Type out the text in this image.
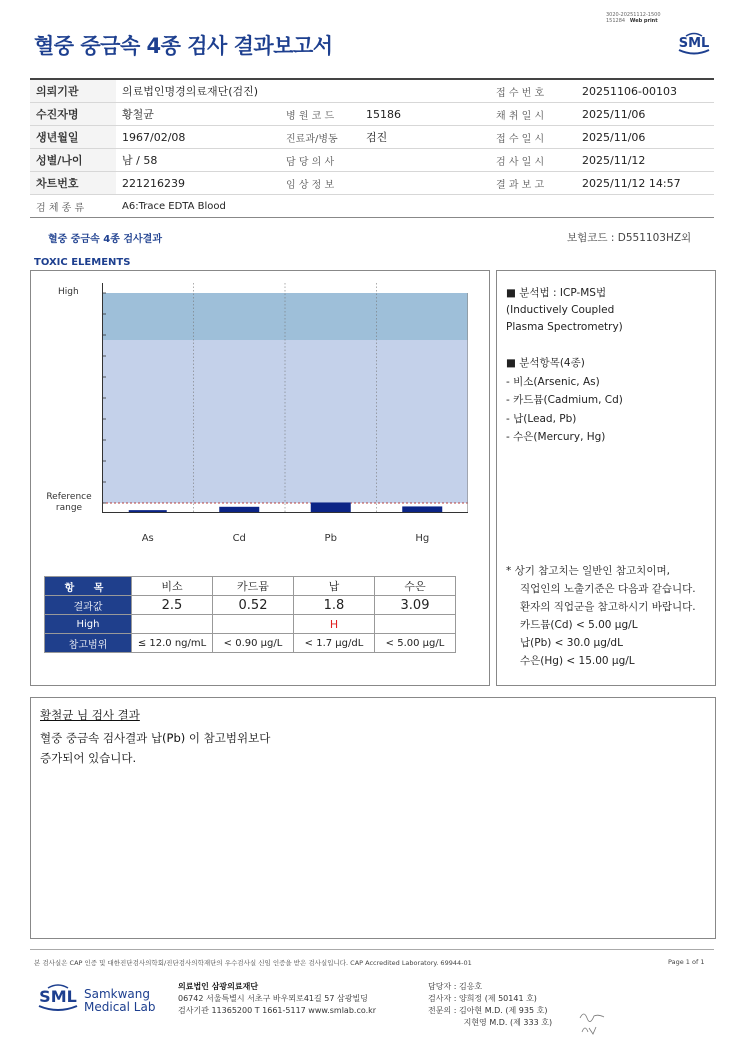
혈중 중금속 4종 검사 결과보고서
3020-20251112-1500
151284 Web print
SML
의뢰기관	의료법인명경의료재단(검진)			접 수 번 호	20251106-00103
수진자명	황철균	병 원 코 드	15186	채 취 일 시	2025/11/06
생년월일	1967/02/08	진료과/병동	검진	접 수 일 시	2025/11/06
성별/나이	남 / 58	담 당 의 사		검 사 일 시	2025/11/12
차트번호	221216239	임 상 정 보		결 과 보 고	2025/11/12 14:57
검 체 종 류	A6:Trace EDTA Blood				
혈중 중금속 4종 검사결과	보험코드 : D551103HZ외
TOXIC ELEMENTS
High
Reference
range
항 목	비소	카드뮴	납	수은
결과값	2.5	0.52	1.8	3.09
High			H	
참고범위	≤ 12.0 ng/mL	< 0.90 μg/L	< 1.7 μg/dL	< 5.00 μg/L
■ 분석법 : ICP-MS법
(Inductively Coupled
Plasma Spectrometry)
■ 분석항목(4종)
- 비소(Arsenic, As)
- 카드뮴(Cadmium, Cd)
- 납(Lead, Pb)
- 수은(Mercury, Hg)
* 상기 참고치는 일반인 참고치이며,
직업인의 노출기준은 다음과 같습니다.
환자의 직업군을 참고하시기 바랍니다.
카드뮴(Cd) < 5.00 μg/L
납(Pb) < 30.0 μg/dL
수은(Hg) < 15.00 μg/L
황철균 님 검사 결과
혈중 중금속 검사결과 납(Pb) 이 참고범위보다
증가되어 있습니다.
본 검사실은 CAP 인증 및 대한진단검사의학회/진단검사의학재단의 우수검사실 신임 인증을 받은 검사실입니다. CAP Accredited Laboratory. 69944-01	Page 1 of 1
SML Samkwang
Medical Lab
의료법인 삼광의료재단
06742 서울특별시 서초구 바우뫼로41길 57 삼광빌딩
검사기관 11365200 T 1661-5117 www.smlab.co.kr
담당자 : 김응호
검사자 : 양희정 (제 50141 호)
전문의 : 김아현 M.D. (제 935 호)
지현영 M.D. (제 333 호)
As	Cd	Pb	Hg
